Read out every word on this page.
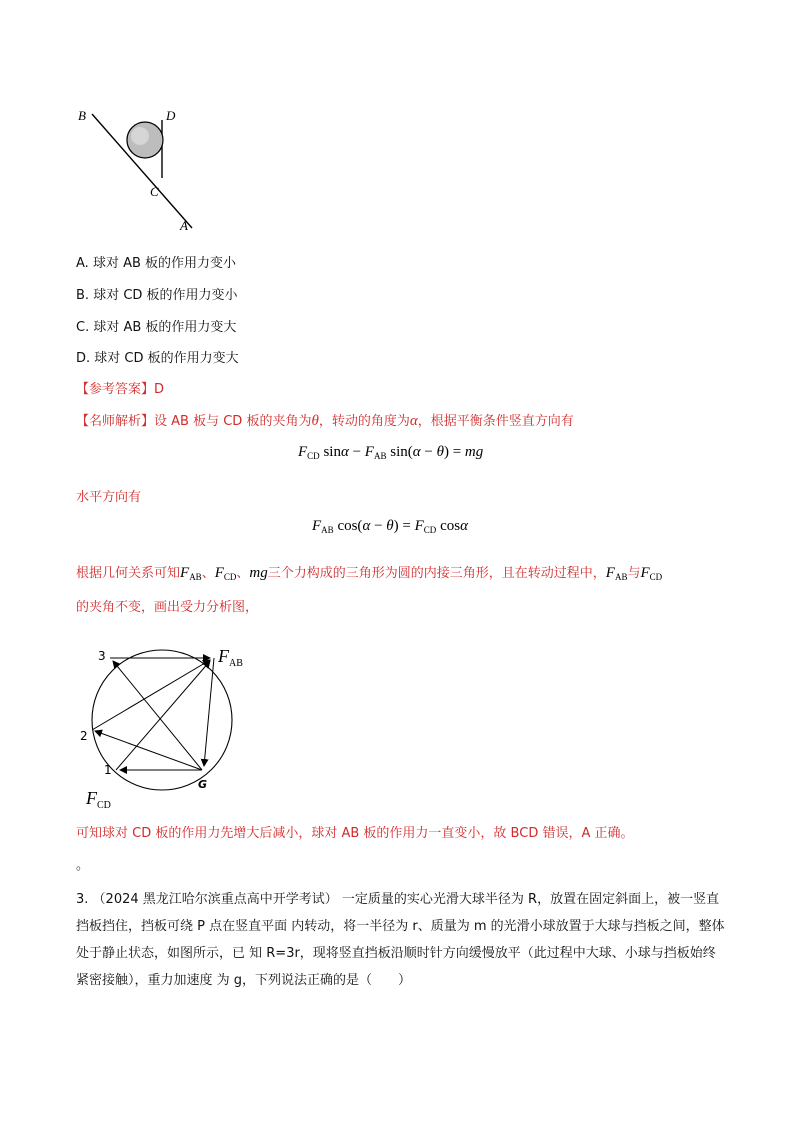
B	D
C
A
A. 球对 AB 板的作用力变小
B. 球对 CD 板的作用力变小
C. 球对 AB 板的作用力变大
D. 球对 CD 板的作用力变大
【参考答案】D
【名师解析】设 AB 板与 CD 板的夹角为θ，转动的角度为α，根据平衡条件竖直方向有
$F_{CD}$ $\sin\alpha - F_{AB}$ sin(α − θ) = mg
水平方向有
$F_{AB}$ $\cos(\alpha - \theta) = F_{CD}$ cosα
根据几何关系可知$F_{AB}$、$F_{CD}$、mg三个力构成的三角形为圆的内接三角形，且在转动过程中，$F_{AB}$与$F_{CD}$
的夹角不变，画出受力分析图，
3
2
1
G
$F_{AB}$
$F_{CD}$
可知球对 CD 板的作用力先增大后减小，球对 AB 板的作用力一直变小，故 BCD 错误，A 正确。
。
3. （2024 黑龙江哈尔滨重点高中开学考试） 一定质量的实心光滑大球半径为 R，放置在固定斜面上，被一竖直挡板挡住，挡板可绕 P 点在竖直平面 内转动，将一半径为 r、质量为 m 的光滑小球放置于大球与挡板之间，整体处于静止状态，如图所示，已 知 R=3r，现将竖直挡板沿顺时针方向缓慢放平（此过程中大球、小球与挡板始终紧密接触），重力加速度 为 g，下列说法正确的是（　　）
